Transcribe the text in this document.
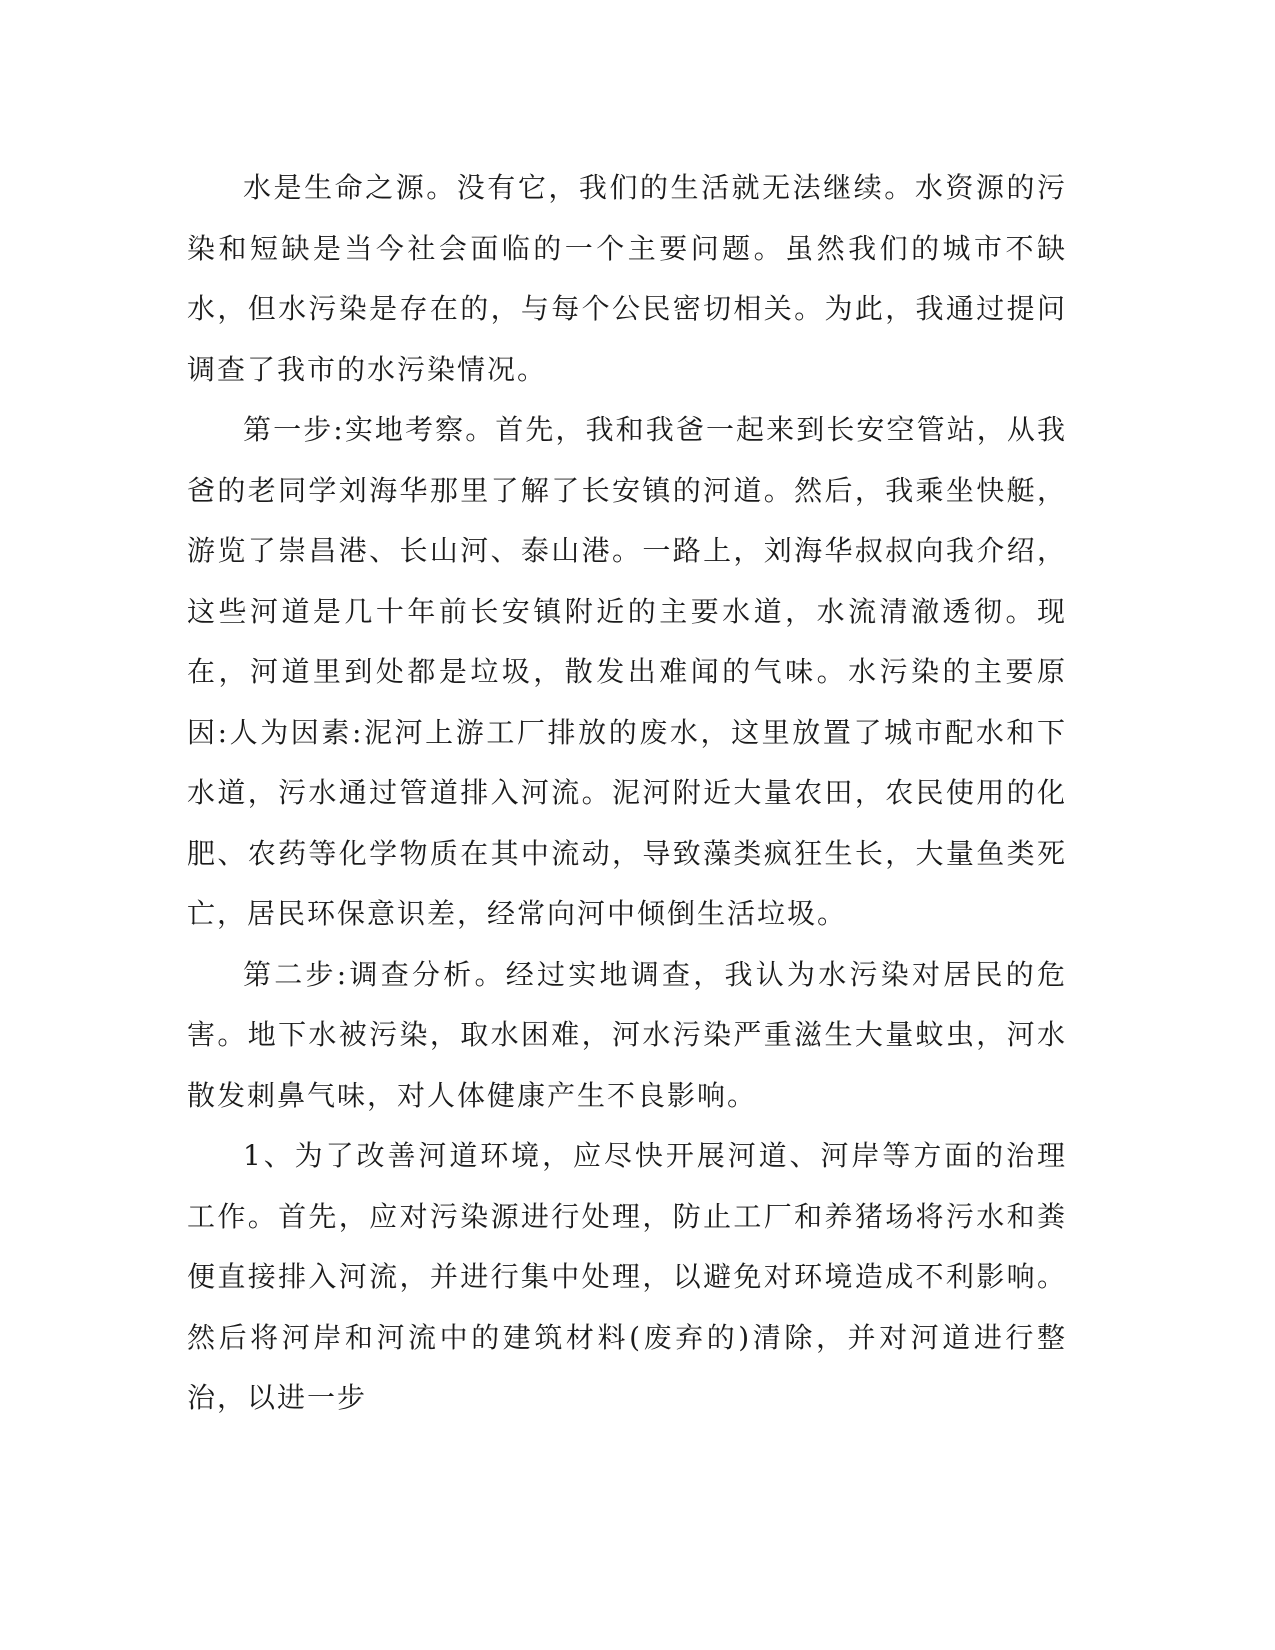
水是生命之源。没有它，我们的生活就无法继续。水资源的污染和短缺是当今社会面临的一个主要问题。虽然我们的城市不缺水，但水污染是存在的，与每个公民密切相关。为此，我通过提问调查了我市的水污染情况。

第一步:实地考察。首先，我和我爸一起来到长安空管站，从我爸的老同学刘海华那里了解了长安镇的河道。然后，我乘坐快艇，游览了崇昌港、长山河、泰山港。一路上，刘海华叔叔向我介绍，这些河道是几十年前长安镇附近的主要水道，水流清澈透彻。现在，河道里到处都是垃圾，散发出难闻的气味。水污染的主要原因:人为因素:泥河上游工厂排放的废水，这里放置了城市配水和下水道，污水通过管道排入河流。泥河附近大量农田，农民使用的化肥、农药等化学物质在其中流动，导致藻类疯狂生长，大量鱼类死亡，居民环保意识差，经常向河中倾倒生活垃圾。

第二步:调查分析。经过实地调查，我认为水污染对居民的危害。地下水被污染，取水困难，河水污染严重滋生大量蚊虫，河水散发刺鼻气味，对人体健康产生不良影响。

1、为了改善河道环境，应尽快开展河道、河岸等方面的治理工作。首先，应对污染源进行处理，防止工厂和养猪场将污水和粪便直接排入河流，并进行集中处理，以避免对环境造成不利影响。然后将河岸和河流中的建筑材料(废弃的)清除，并对河道进行整治，以进一步
